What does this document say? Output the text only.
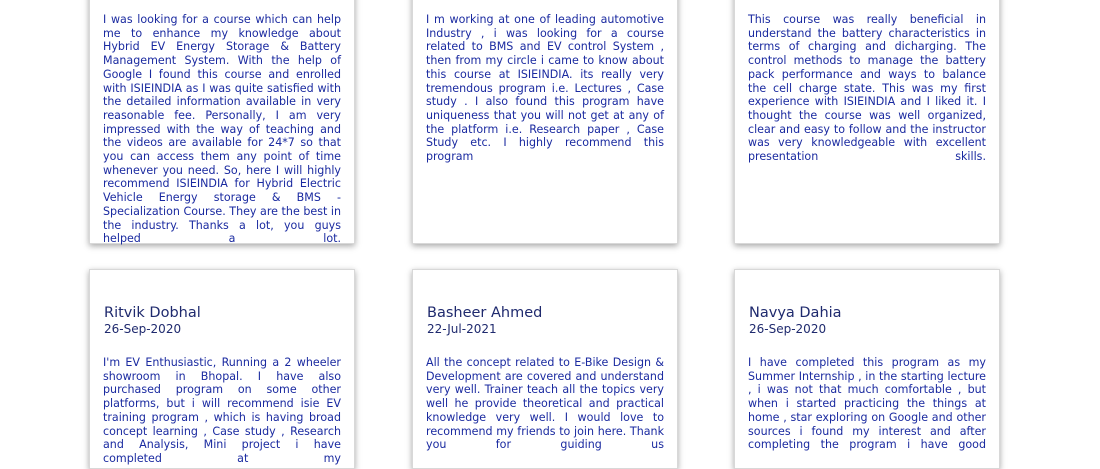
I was looking for a course which can help me to enhance my knowledge about Hybrid EV Energy Storage & Battery Management System. With the help of Google I found this course and enrolled with ISIEINDIA as I was quite satisfied with the detailed information available in very reasonable fee. Personally, I am very impressed with the way of teaching and the videos are available for 24*7 so that you can access them any point of time whenever you need. So, here I will highly recommend ISIEINDIA for Hybrid Electric Vehicle Energy storage & BMS - Specialization Course. They are the best in the industry. Thanks a lot, you guys helped a lot.

I m working at one of leading automotive Industry , i was looking for a course related to BMS and EV control System , then from my circle i came to know about this course at ISIEINDIA. its really very tremendous program i.e. Lectures , Case study . I also found this program have uniqueness that you will not get at any of the platform i.e. Research paper , Case Study etc. I highly recommend this program

This course was really beneficial in understand the battery characteristics in terms of charging and dicharging. The control methods to manage the battery pack performance and ways to balance the cell charge state. This was my first experience with ISIEINDIA and I liked it. I thought the course was well organized, clear and easy to follow and the instructor was very knowledgeable with excellent presentation skills.

Ritvik Dobhal
26-Sep-2020

I'm EV Enthusiastic, Running a 2 wheeler showroom in Bhopal. I have also purchased program on some other platforms, but i will recommend isie EV training program , which is having broad concept learning , Case study , Research and Analysis, Mini project i have completed at my

Basheer Ahmed
22-Jul-2021

All the concept related to E-Bike Design & Development are covered and understand very well. Trainer teach all the topics very well he provide theoretical and practical knowledge very well. I would love to recommend my friends to join here. Thank you for guiding us

Navya Dahia
26-Sep-2020

I have completed this program as my Summer Internship , in the starting lecture , i was not that much comfortable , but when i started practicing the things at home , star exploring on Google and other sources i found my interest and after completing the program i have good
